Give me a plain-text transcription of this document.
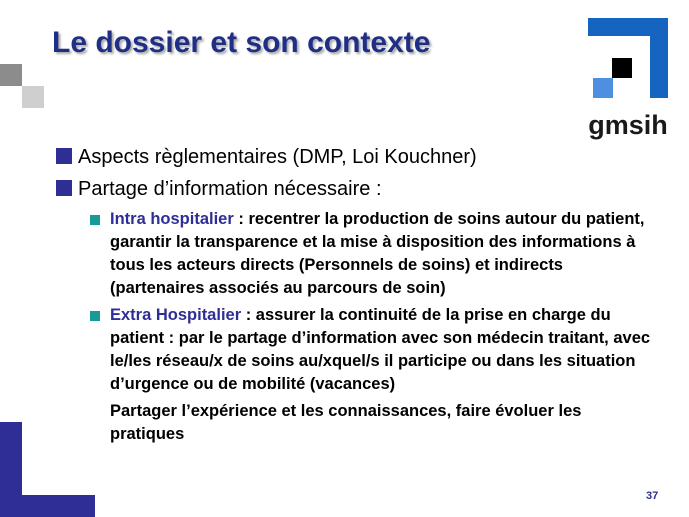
Le dossier et son contexte
gmsih
Aspects règlementaires (DMP, Loi Kouchner)
Partage d’information nécessaire :
Intra hospitalier : recentrer la production de soins autour du patient, garantir la transparence et la mise à disposition des informations à tous les acteurs directs (Personnels de soins) et indirects (partenaires associés au parcours de soin)
Extra Hospitalier : assurer la continuité de la prise en charge du patient : par le partage d’information avec son médecin traitant, avec le/les réseau/x de soins au/xquel/s il participe ou dans les situation d’urgence ou de mobilité (vacances)
Partager l’expérience et les connaissances, faire évoluer les pratiques
37
